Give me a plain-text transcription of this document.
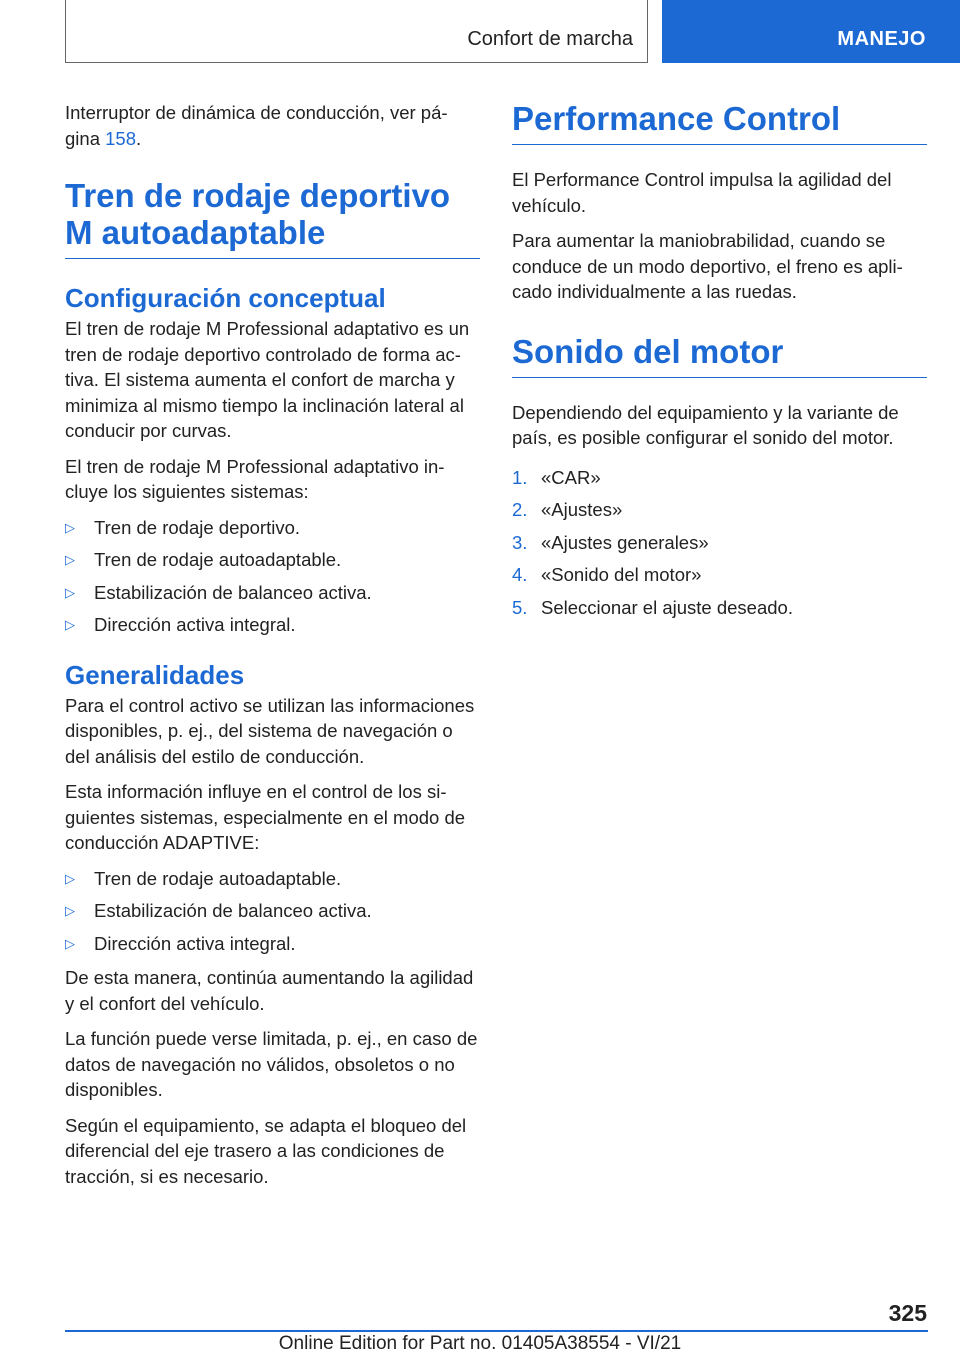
Confort de marcha	MANEJO

Interruptor de dinámica de conducción, ver pá‐
gina 158.

Tren de rodaje deportivo M autoadaptable
Configuración conceptual

El tren de rodaje M Professional adaptativo es un tren de rodaje deportivo controlado de forma ac‐tiva. El sistema aumenta el confort de marcha y minimiza al mismo tiempo la inclinación lateral al conducir por curvas.

El tren de rodaje M Professional adaptativo in‐cluye los siguientes sistemas:

▷ Tren de rodaje deportivo.
▷ Tren de rodaje autoadaptable.
▷ Estabilización de balanceo activa.
▷ Dirección activa integral.
Generalidades

Para el control activo se utilizan las informaciones disponibles, p. ej., del sistema de navegación o del análisis del estilo de conducción.

Esta información influye en el control de los si‐guientes sistemas, especialmente en el modo de conducción ADAPTIVE:

▷ Tren de rodaje autoadaptable.
▷ Estabilización de balanceo activa.
▷ Dirección activa integral.

De esta manera, continúa aumentando la agilidad y el confort del vehículo.

La función puede verse limitada, p. ej., en caso de datos de navegación no válidos, obsoletos o no disponibles.

Según el equipamiento, se adapta el bloqueo del diferencial del eje trasero a las condiciones de tracción, si es necesario.

Performance Control

El Performance Control impulsa la agilidad del vehículo.

Para aumentar la maniobrabilidad, cuando se conduce de un modo deportivo, el freno es apli‐cado individualmente a las ruedas.

Sonido del motor

Dependiendo del equipamiento y la variante de país, es posible configurar el sonido del motor.

1. «CAR»
2. «Ajustes»
3. «Ajustes generales»
4. «Sonido del motor»
5. Seleccionar el ajuste deseado.
325
Online Edition for Part no. 01405A38554 - VI/21
